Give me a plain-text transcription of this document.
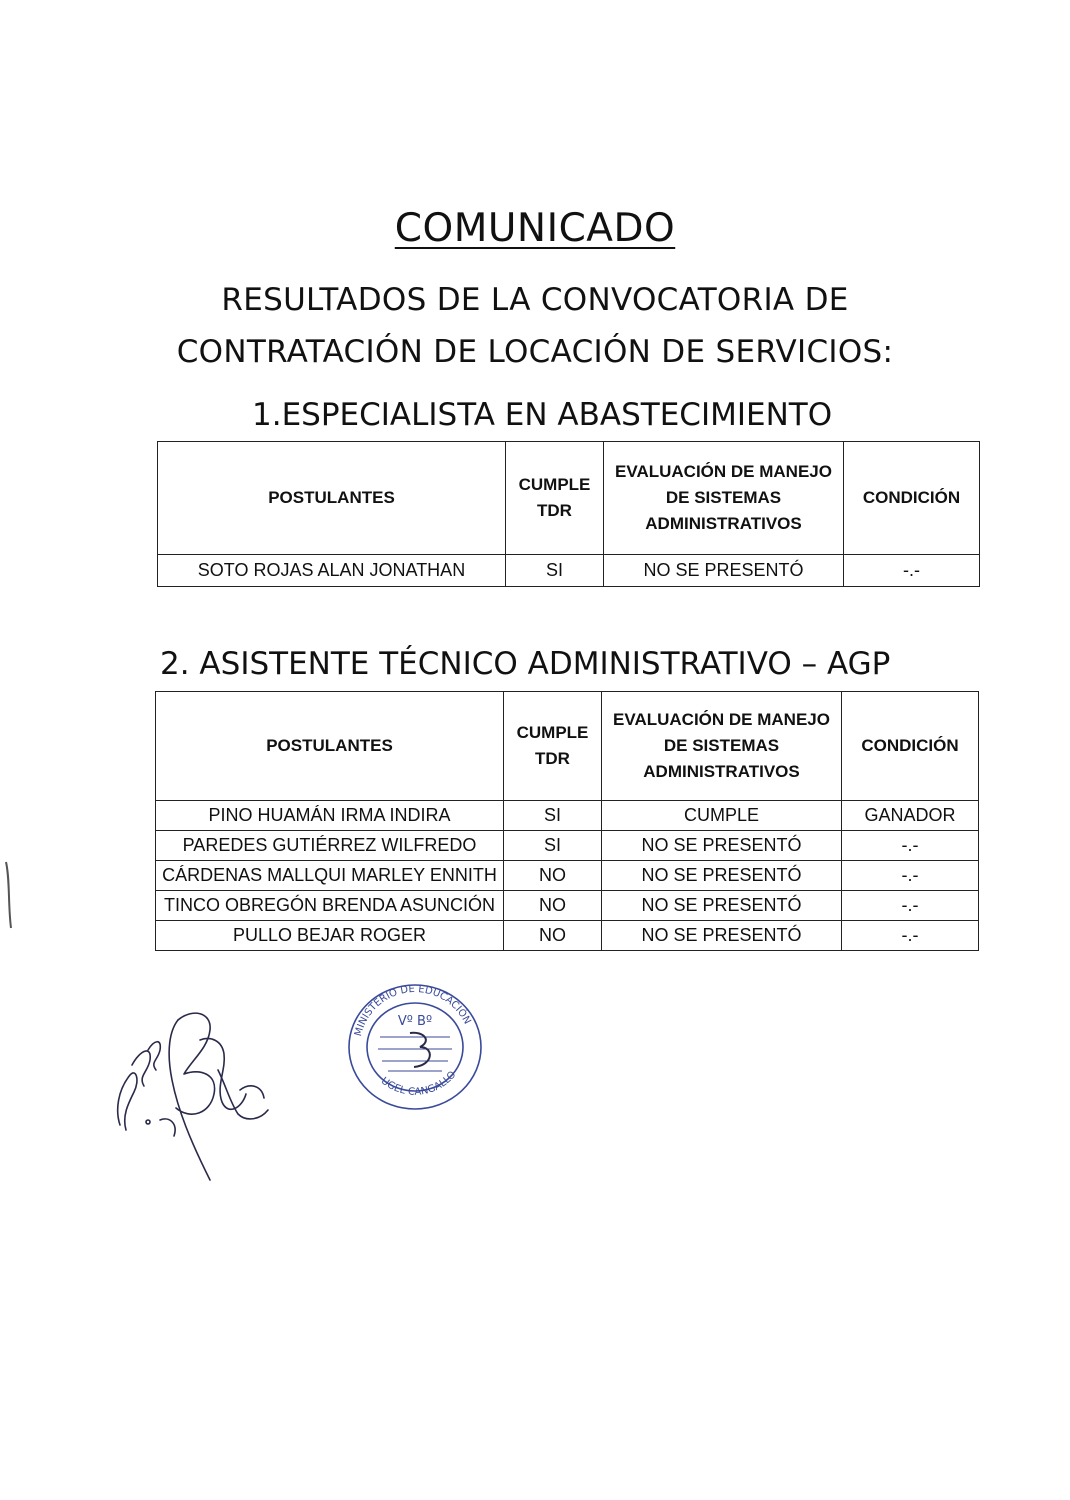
COMUNICADO
RESULTADOS DE LA CONVOCATORIA DE
CONTRATACIÓN DE LOCACIÓN DE SERVICIOS:
1.ESPECIALISTA EN ABASTECIMIENTO
POSTULANTES	CUMPLE TDR	EVALUACIÓN DE MANEJO DE SISTEMAS ADMINISTRATIVOS	CONDICIÓN
SOTO ROJAS ALAN JONATHAN	SI	NO SE PRESENTÓ	-.-
2. ASISTENTE TÉCNICO ADMINISTRATIVO – AGP
POSTULANTES	CUMPLE TDR	EVALUACIÓN DE MANEJO DE SISTEMAS ADMINISTRATIVOS	CONDICIÓN
PINO HUAMÁN IRMA INDIRA	SI	CUMPLE	GANADOR
PAREDES GUTIÉRREZ WILFREDO	SI	NO SE PRESENTÓ	-.-
CÁRDENAS MALLQUI MARLEY ENNITH	NO	NO SE PRESENTÓ	-.-
TINCO OBREGÓN BRENDA ASUNCIÓN	NO	NO SE PRESENTÓ	-.-
PULLO BEJAR ROGER	NO	NO SE PRESENTÓ	-.-
MINISTERIO DE EDUCACIÓN
UGEL CANGALLO
Vº Bº
